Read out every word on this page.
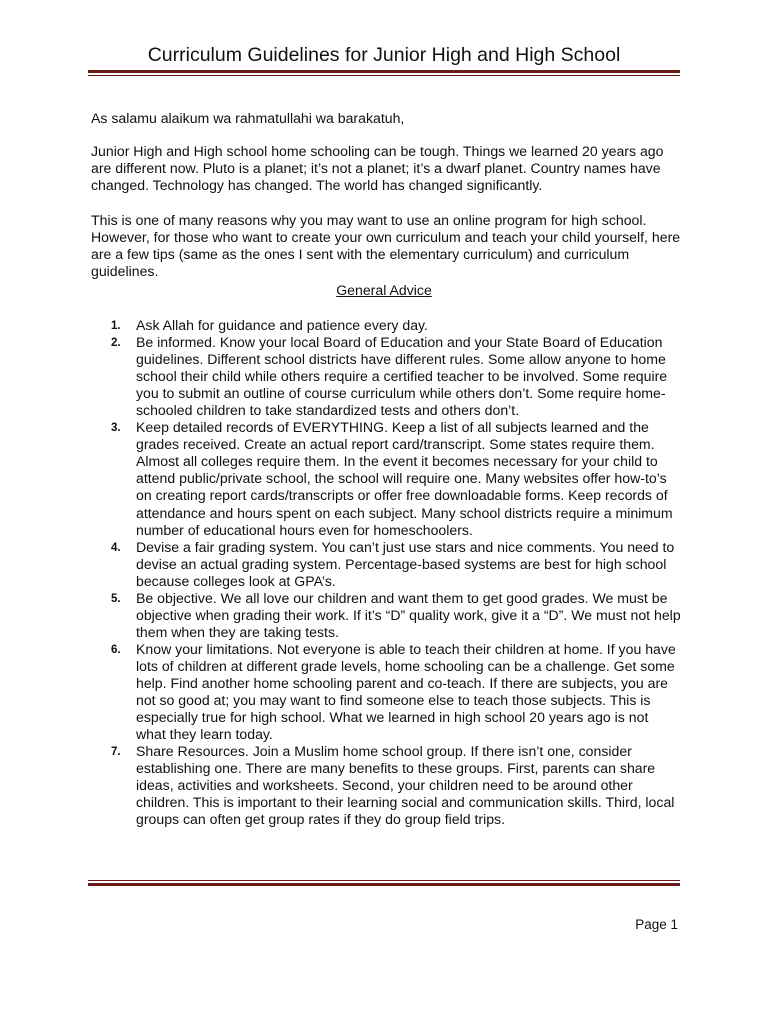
Curriculum Guidelines for Junior High and High School
As salamu alaikum wa rahmatullahi wa barakatuh,

Junior High and High school home schooling can be tough. Things we learned 20 years ago are different now. Pluto is a planet; it’s not a planet; it’s a dwarf planet. Country names have changed. Technology has changed. The world has changed significantly.

This is one of many reasons why you may want to use an online program for high school. However, for those who want to create your own curriculum and teach your child yourself, here are a few tips (same as the ones I sent with the elementary curriculum) and curriculum guidelines.

General Advice
1. Ask Allah for guidance and patience every day.
2. Be informed. Know your local Board of Education and your State Board of Education guidelines. Different school districts have different rules. Some allow anyone to home school their child while others require a certified teacher to be involved. Some require you to submit an outline of course curriculum while others don’t. Some require home-schooled children to take standardized tests and others don’t.
3. Keep detailed records of EVERYTHING. Keep a list of all subjects learned and the grades received. Create an actual report card/transcript. Some states require them. Almost all colleges require them. In the event it becomes necessary for your child to attend public/private school, the school will require one. Many websites offer how-to’s on creating report cards/transcripts or offer free downloadable forms. Keep records of attendance and hours spent on each subject. Many school districts require a minimum number of educational hours even for homeschoolers.
4. Devise a fair grading system. You can’t just use stars and nice comments. You need to devise an actual grading system. Percentage-based systems are best for high school because colleges look at GPA’s.
5. Be objective. We all love our children and want them to get good grades. We must be objective when grading their work. If it’s “D” quality work, give it a “D”. We must not help them when they are taking tests.
6. Know your limitations. Not everyone is able to teach their children at home. If you have lots of children at different grade levels, home schooling can be a challenge. Get some help. Find another home schooling parent and co-teach. If there are subjects, you are not so good at; you may want to find someone else to teach those subjects. This is especially true for high school. What we learned in high school 20 years ago is not what they learn today.
7. Share Resources. Join a Muslim home school group. If there isn’t one, consider establishing one. There are many benefits to these groups. First, parents can share ideas, activities and worksheets. Second, your children need to be around other children. This is important to their learning social and communication skills. Third, local groups can often get group rates if they do group field trips.
Page 1
